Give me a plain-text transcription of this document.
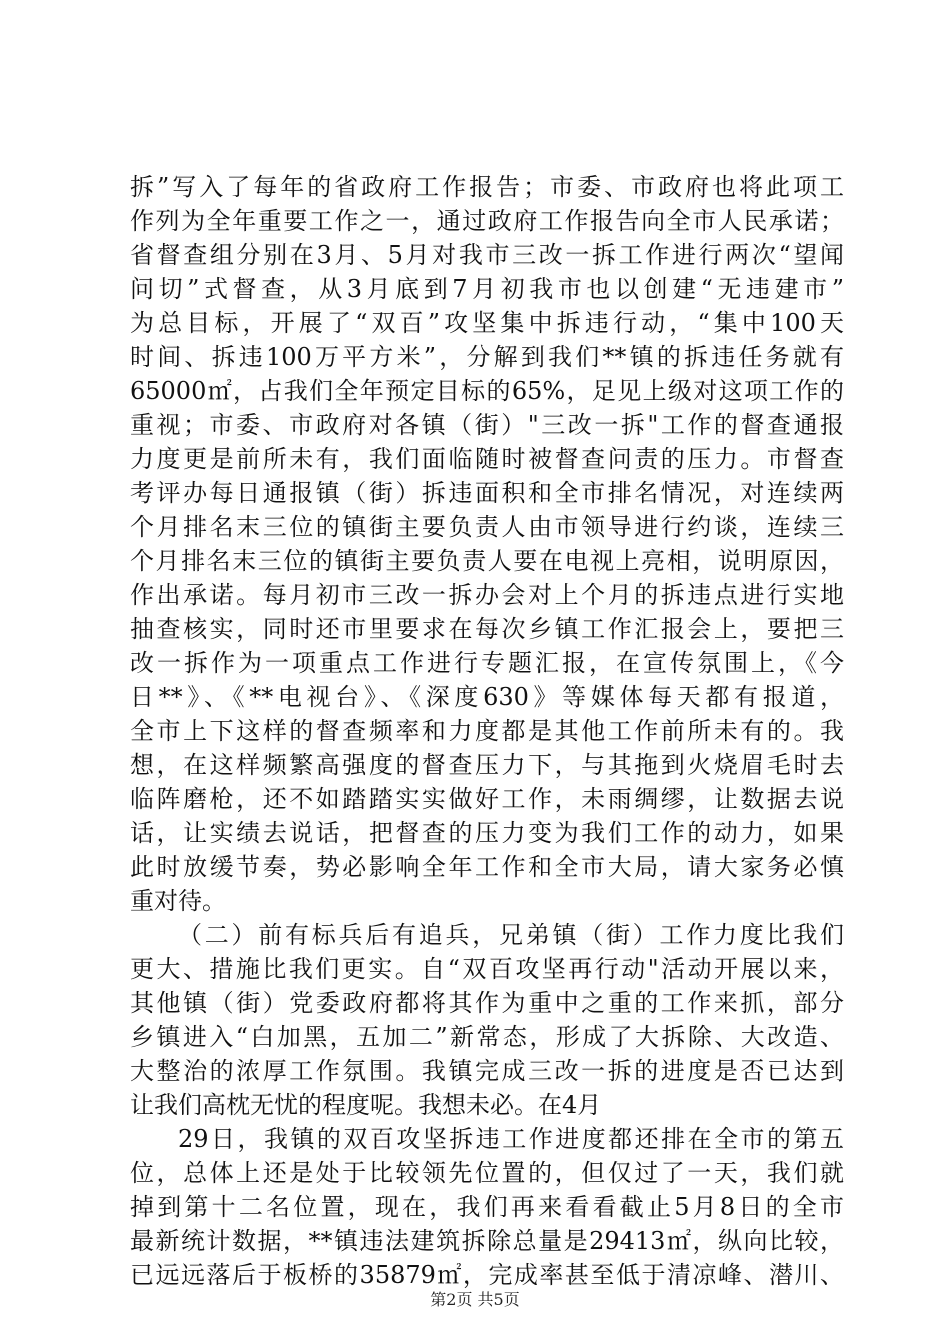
拆”写入了每年的省政府工作报告；市委、市政府也将此项工
作列为全年重要工作之一，通过政府工作报告向全市人民承诺；
省督查组分别在3月、5月对我市三改一拆工作进行两次“望闻
问切”式督查，从3月底到7月初我市也以创建“无违建市”
为总目标，开展了“双百”攻坚集中拆违行动，“集中100天
时间、拆违100万平方米”，分解到我们**镇的拆违任务就有
65000㎡，占我们全年预定目标的65%，足见上级对这项工作的
重视；市委、市政府对各镇（街）"三改一拆"工作的督查通报
力度更是前所未有，我们面临随时被督查问责的压力。市督查
考评办每日通报镇（街）拆违面积和全市排名情况，对连续两
个月排名末三位的镇街主要负责人由市领导进行约谈，连续三
个月排名末三位的镇街主要负责人要在电视上亮相，说明原因，
作出承诺。每月初市三改一拆办会对上个月的拆违点进行实地
抽查核实，同时还市里要求在每次乡镇工作汇报会上，要把三
改一拆作为一项重点工作进行专题汇报，在宣传氛围上，《今
日**》、《**电视台》、《深度630》等媒体每天都有报道，
全市上下这样的督查频率和力度都是其他工作前所未有的。我
想，在这样频繁高强度的督查压力下，与其拖到火烧眉毛时去
临阵磨枪，还不如踏踏实实做好工作，未雨绸缪，让数据去说
话，让实绩去说话，把督查的压力变为我们工作的动力，如果
此时放缓节奏，势必影响全年工作和全市大局，请大家务必慎
重对待。
（二）前有标兵后有追兵，兄弟镇（街）工作力度比我们
更大、措施比我们更实。自“双百攻坚再行动"活动开展以来，
其他镇（街）党委政府都将其作为重中之重的工作来抓，部分
乡镇进入“白加黑，五加二”新常态，形成了大拆除、大改造、
大整治的浓厚工作氛围。我镇完成三改一拆的进度是否已达到
让我们高枕无忧的程度呢。我想未必。在4月
29日，我镇的双百攻坚拆违工作进度都还排在全市的第五
位，总体上还是处于比较领先位置的，但仅过了一天，我们就
掉到第十二名位置，现在，我们再来看看截止5月8日的全市
最新统计数据，**镇违法建筑拆除总量是29413㎡，纵向比较，
已远远落后于板桥的35879㎡，完成率甚至低于清凉峰、潜川、
第2页 共5页
